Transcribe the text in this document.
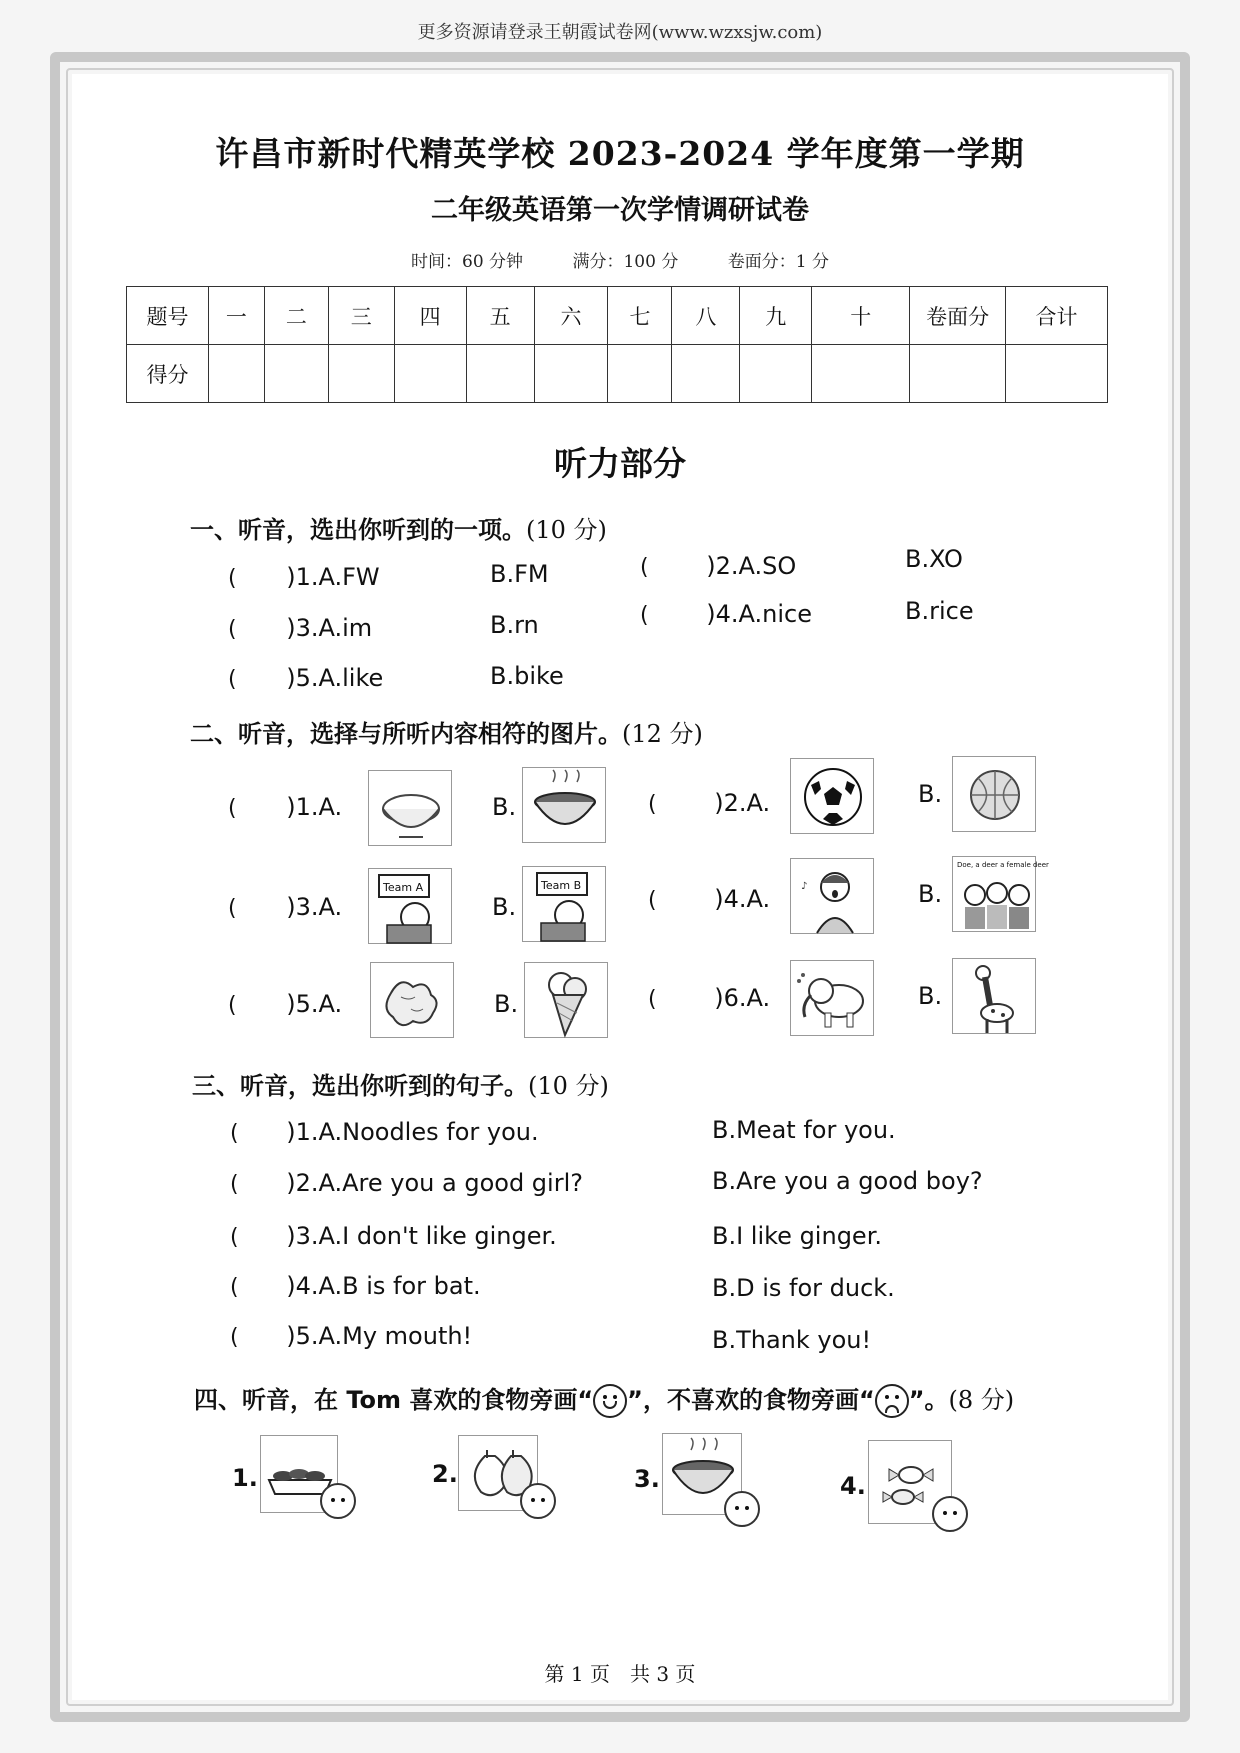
更多资源请登录王朝霞试卷网(www.wzxsjw.com)
许昌市新时代精英学校 2023-2024 学年度第一学期
二年级英语第一次学情调研试卷
时间：60 分钟	满分：100 分	卷面分：1 分
题号	一	二	三	四	五	六	七	八	九	十	卷面分	合计
得分												
听力部分
一、听音，选出你听到的一项。(10 分)
( )1.A.FW	B.FM	( )2.A.SO	B.XO
( )3.A.im	B.rn	( )4.A.nice	B.rice
( )5.A.like	B.bike
二、听音，选择与所听内容相符的图片。(12 分)
( )1.A.	B.	( )2.A.	B.
( )3.A.
Team A
B.
Team B
( )4.A.	♪	B.
Doe, a deer a female deer
( )5.A.	B.	( )6.A.	B.
三、听音，选出你听到的句子。(10 分)
( )1.A.Noodles for you.	B.Meat for you.
( )2.A.Are you a good girl?	B.Are you a good boy?
( )3.A.I don't like ginger.	B.I like ginger.
( )4.A.B is for bat.	B.D is for duck.
( )5.A.My mouth!	B.Thank you!
四、听音，在 Tom 喜欢的食物旁画“ ”，不喜欢的食物旁画“ ”。(8 分)
1.	2.	3.	4.
第 1 页　共 3 页
